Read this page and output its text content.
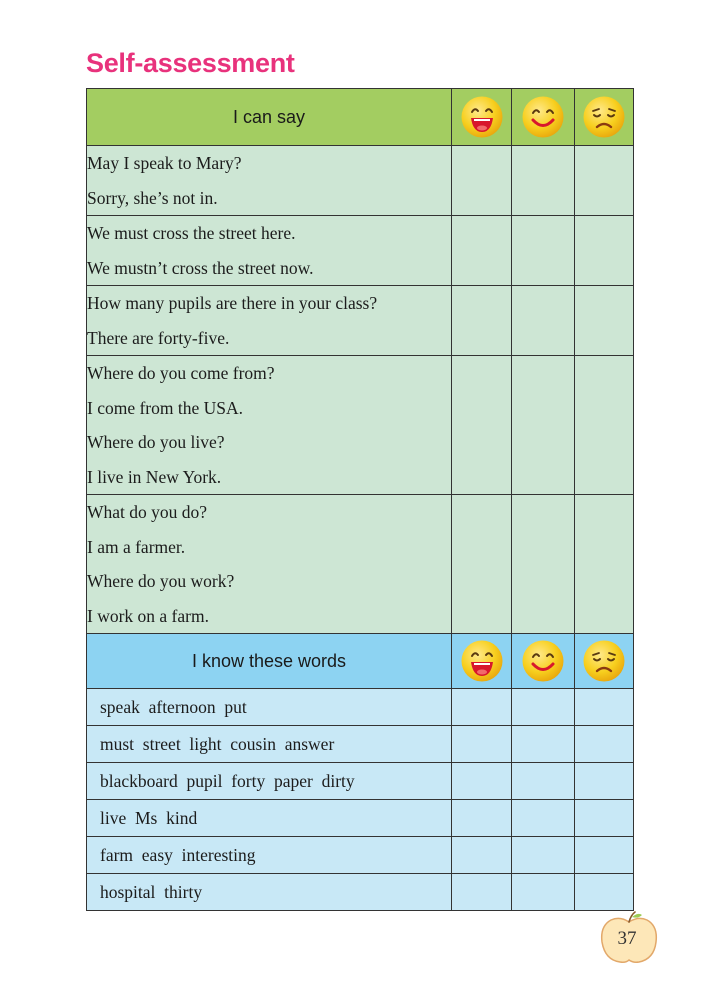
Self-assessment
I can say	

May I speak to Mary?
Sorry, she’s not in.			

We must cross the street here.
We mustn’t cross the street now.			

How many pupils are there in your class?
There are forty-five.			

Where do you come from?
I come from the USA.
Where do you live?
I live in New York.			

What do you do?
I am a farmer.
Where do you work?
I work on a farm.			

I know these words	

speak  afternoon  put			
must  street  light  cousin  answer			
blackboard  pupil  forty  paper  dirty			
live  Ms  kind			
farm  easy  interesting			
hospital  thirty			
37
